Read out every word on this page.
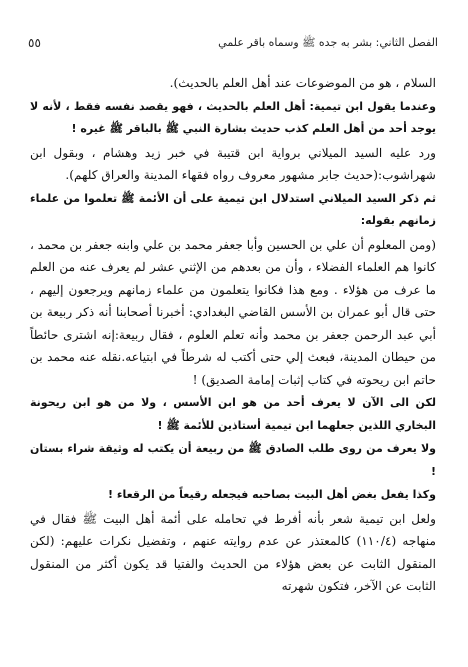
الفصل الثاني: بشر به جده ﷺ وسماه باقر علمي
٥٥

السلام ، هو من الموضوعات عند أهل العلم بالحديث).

وعندما يقول ابن تيمية: أهل العلم بالحديث ، فهو يقصد نفسه فقط ، لأنه لا يوجد أحد من أهل العلم كذب حديث بشارة النبي ﷺ بالباقر ﷺ غيره !

ورد عليه السيد الميلاني برواية ابن قتيبة في خبر زيد وهشام ، وبقول ابن شهراشوب:(حديث جابر مشهور معروف رواه فقهاء المدينة والعراق كلهم).

ثم ذكر السيد الميلاني استدلال ابن تيمية على أن الأئمة ﷺ تعلموا من علماء زمانهم بقوله:

(ومن المعلوم أن علي بن الحسين وأبا جعفر محمد بن علي وابنه جعفر بن محمد ، كانوا هم العلماء الفضلاء ، وأن من بعدهم من الإثني عشر لم يعرف عنه من العلم ما عرف من هؤلاء . ومع هذا فكانوا يتعلمون من علماء زمانهم ويرجعون إليهم ، حتى قال أبو عمران بن الأسس القاضي البغدادي: أخبرنا أصحابنا أنه ذكر ربيعة بن أبي عبد الرحمن جعفر بن محمد وأنه تعلم العلوم ، فقال ربيعة:إنه اشترى حائطاً من حيطان المدينة، فبعث إلي حتى أكتب له شرطاً في ابتياعه.نقله عنه محمد بن حاتم ابن ريحوته في كتاب إثبات إمامة الصديق) !

لكن الى الآن لا يعرف أحد من هو ابن الأسس ، ولا من هو ابن ريحونة البخاري اللذين جعلهما ابن تيمية أستاذين للأئمة ﷺ !

ولا يعرف من روى طلب الصادق ﷺ من ربيعة أن يكتب له وثيقة شراء بستان !

وكذا يفعل بغض أهل البيت بصاحبه فيجعله رقيعاً من الرقعاء !

ولعل ابن تيمية شعر بأنه أفرط في تحامله على أئمة أهل البيت ﷺ فقال في منهاجه (١١٠/٤) كالمعتذر عن عدم روايته عنهم ، وتفضيل نكرات عليهم: (لكن المنقول الثابت عن بعض هؤلاء من الحديث والفتيا قد يكون أكثر من المنقول الثابت عن الآخر، فتكون شهرته
